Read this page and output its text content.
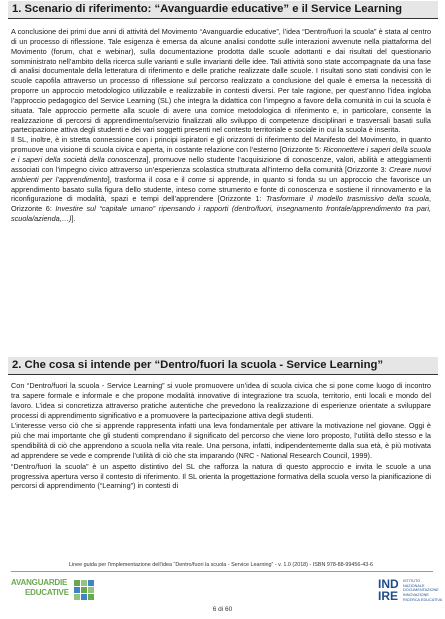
1. Scenario di riferimento: “Avanguardie educative” e il Service Learning

A conclusione dei primi due anni di attività del Movimento “Avanguardie educative”, l’idea “Dentro/fuori la scuola” è stata al centro di un processo di riflessione. Tale esigenza è emersa da alcune analisi condotte sulle interazioni avvenute nella piattaforma del Movimento (forum, chat e webinar), sulla documentazione prodotta dalle scuole adottanti e dai risultati del questionario somministrato nell’ambito della ricerca sulle varianti e sulle invarianti delle idee. Tali attività sono state accompagnate da una fase di analisi documentale della letteratura di riferimento e delle pratiche realizzate dalle scuole. I risultati sono stati condivisi con le scuole capofila attraverso un processo di riflessione sul percorso realizzato a conclusione del quale è emersa la necessità di proporre un approccio metodologico utilizzabile e realizzabile in contesti diversi. Per tale ragione, per quest’anno l’idea ingloba l’approccio pedagogico del Service Learning (SL) che integra la didattica con l’impegno a favore della comunità in cui la scuola è situata. Tale approccio permette alla scuole di avere una cornice metodologica di riferimento e, in particolare, consente la realizzazione di percorsi di apprendimento/servizio finalizzati allo sviluppo di competenze disciplinari e trasversali basati sulla partecipazione attiva degli studenti e dei vari soggetti presenti nel contesto territoriale e sociale in cui la scuola è inserita.

Il SL, inoltre, è in stretta connessione con i principi ispiratori e gli orizzonti di riferimento del Manifesto del Movimento, in quanto promuove una visione di scuola civica e aperta, in costante relazione con l’esterno [Orizzonte 5: Riconnettere i saperi della scuola e i saperi della società della conoscenza], promuove nello studente l’acquisizione di conoscenze, valori, abilità e atteggiamenti associati con l’impegno civico attraverso un’esperienza scolastica strutturata all’interno della comunità [Orizzonte 3: Creare nuovi ambienti per l’apprendimento], trasforma il cosa e il come si apprende, in quanto si fonda su un approccio che favorisce un apprendimento basato sulla figura dello studente, inteso come strumento e fonte di conoscenza e sostiene il rinnovamento e la riconfigurazione di modalità, spazi e tempi dell’apprendere [Orizzonte 1: Trasformare il modello trasmissivo della scuola, Orizzonte 6: Investire sul “capitale umano” ripensando i rapporti (dentro/fuori, insegnamento frontale/apprendimento tra pari, scuola/azienda,…)].

2. Che cosa si intende per “Dentro/fuori la scuola - Service Learning”

Con “Dentro/fuori la scuola - Service Learning” si vuole promuovere un’idea di scuola civica che si pone come luogo di incontro tra sapere formale e informale e che propone modalità innovative di integrazione tra scuola, territorio, enti locali e mondo del lavoro. L’idea si concretizza attraverso pratiche autentiche che prevedono la realizzazione di esperienze orientate a sviluppare processi di apprendimento significativo e a promuovere la partecipazione attiva degli studenti.

L’interesse verso ciò che si apprende rappresenta infatti una leva fondamentale per attivare la motivazione nel giovane. Oggi è più che mai importante che gli studenti comprendano il significato del percorso che viene loro proposto, l’utilità dello stesso e la spendibilità di ciò che apprendono a scuola nella vita reale. Una persona, infatti, indipendentemente dalla sua età, è più motivata ad apprendere se vede e comprende l’utilità di ciò che sta imparando (NRC - National Research Council, 1999).

“Dentro/fuori la scuola” è un aspetto distintivo del SL che rafforza la natura di questo approccio e invita le scuole a una progressiva apertura verso il contesto di riferimento. Il SL orienta la progettazione formativa della scuola verso la pianificazione di percorsi di apprendimento (“Learning”) in contesti di

Linee guida per l’implementazione dell’idea “Dentro/fuori la scuola - Service Learning” - v. 1.0 (2018) - ISBN 978-88-99456-43-6
AVANGUARDIE
EDUCATIVE
6 di 60
IND
IRE
ISTITUTO
NAZIONALE
DOCUMENTAZIONE
INNOVAZIONE
RICERCA EDUCATIVA
